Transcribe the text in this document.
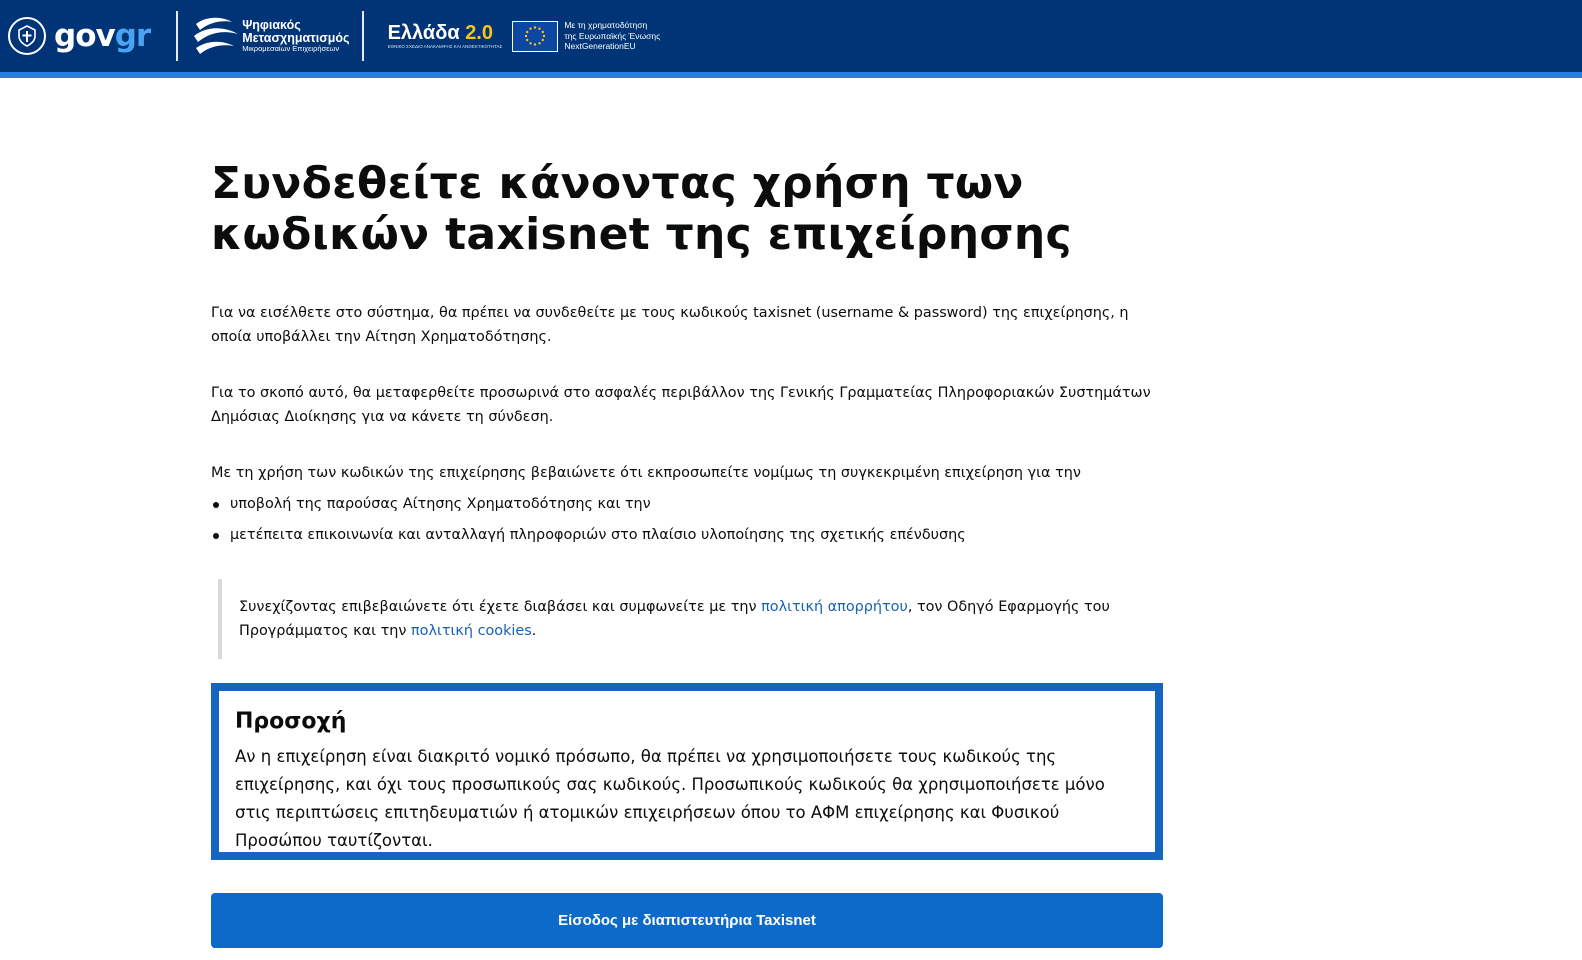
govgr	Ψηφιακός
Μετασχηματισμός
Μικρομεσαίων Επιχειρήσεων
Ελλάδα 2.0
ΕΘΝΙΚΟ ΣΧΕΔΙΟ ΑΝΑΚΑΜΨΗΣ ΚΑΙ ΑΝΘΕΚΤΙΚΟΤΗΤΑΣ
Με τη χρηματοδότηση
της Ευρωπαϊκής Ένωσης
NextGenerationEU
Συνδεθείτε κάνοντας χρήση των
κωδικών taxisnet της επιχείρησης

Για να εισέλθετε στο σύστημα, θα πρέπει να συνδεθείτε με τους κωδικούς taxisnet (username & password) της επιχείρησης, η οποία υποβάλλει την Αίτηση Χρηματοδότησης.

Για το σκοπό αυτό, θα μεταφερθείτε προσωρινά στο ασφαλές περιβάλλον της Γενικής Γραμματείας Πληροφοριακών Συστημάτων Δημόσιας Διοίκησης για να κάνετε τη σύνδεση.

Με τη χρήση των κωδικών της επιχείρησης βεβαιώνετε ότι εκπροσωπείτε νομίμως τη συγκεκριμένη επιχείρηση για την

υποβολή της παρούσας Αίτησης Χρηματοδότησης και την
μετέπειτα επικοινωνία και ανταλλαγή πληροφοριών στο πλαίσιο υλοποίησης της σχετικής επένδυσης
Συνεχίζοντας επιβεβαιώνετε ότι έχετε διαβάσει και συμφωνείτε με την πολιτική απορρήτου, τον Οδηγό Εφαρμογής του Προγράμματος και την πολιτική cookies.
Προσοχή

Αν η επιχείρηση είναι διακριτό νομικό πρόσωπο, θα πρέπει να χρησιμοποιήσετε τους κωδικούς της επιχείρησης, και όχι τους προσωπικούς σας κωδικούς. Προσωπικούς κωδικούς θα χρησιμοποιήσετε μόνο στις περιπτώσεις επιτηδευματιών ή ατομικών επιχειρήσεων όπου το ΑΦΜ επιχείρησης και Φυσικού Προσώπου ταυτίζονται.

Είσοδος με διαπιστευτήρια Taxisnet
